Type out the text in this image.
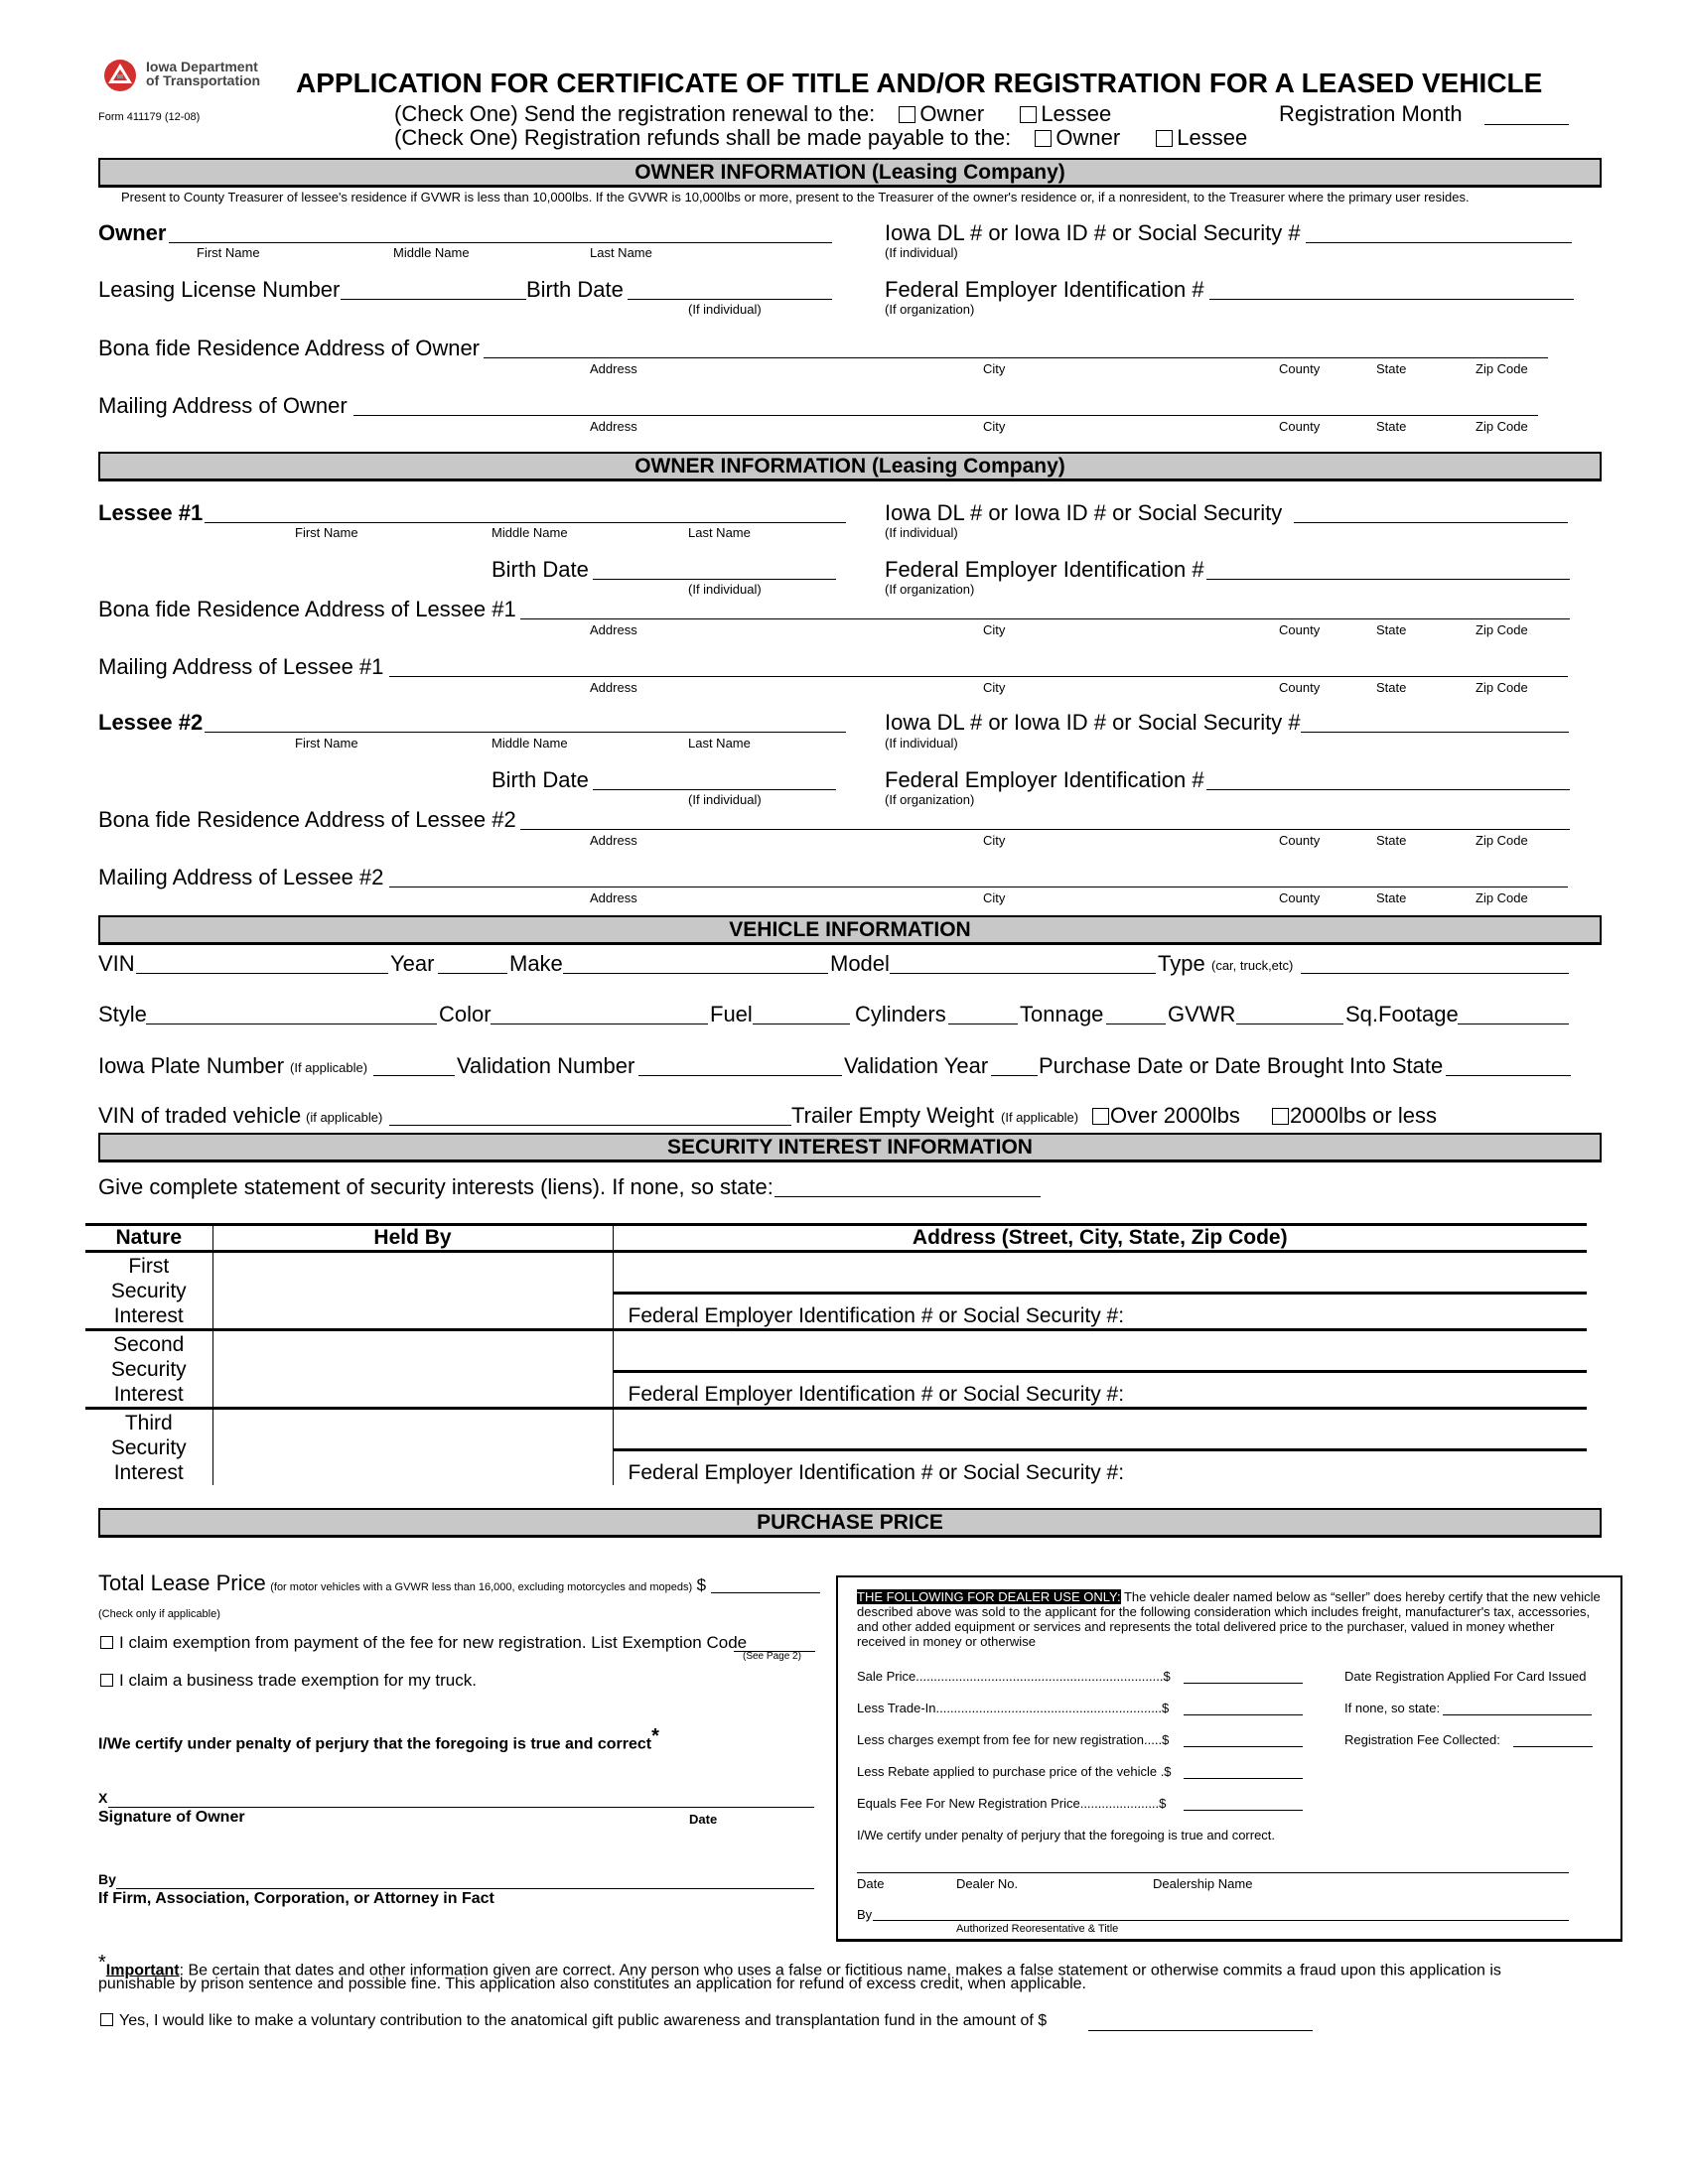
Iowa Department
of Transportation
Form 411179 (12-08)
APPLICATION FOR CERTIFICATE OF TITLE AND/OR REGISTRATION FOR A LEASED VEHICLE
(Check One) Send the registration renewal to the: Owner	Lessee	Registration Month
(Check One) Registration refunds shall be made payable to the: Owner	Lessee
OWNER INFORMATION (Leasing Company)
Present to County Treasurer of lessee's residence if GVWR is less than 10,000lbs. If the GVWR is 10,000lbs or more, present to the Treasurer of the owner's residence or, if a nonresident, to the Treasurer where the primary user resides.
Owner
First Name	Middle Name	Last Name
Iowa DL # or Iowa ID # or Social Security #
(If individual)
Leasing License Number	Birth Date
(If individual)
Federal Employer Identification #
(If organization)
Bona fide Residence Address of Owner
Address	City	County	State	Zip Code
Mailing Address of Owner
Address	City	County	State	Zip Code
OWNER INFORMATION (Leasing Company)
Lessee #1
First Name	Middle Name	Last Name
Iowa DL # or Iowa ID # or Social Security
(If individual)
Birth Date
(If individual)
Federal Employer Identification #
(If organization)
Bona fide Residence Address of Lessee #1
Address	City	County	State	Zip Code
Mailing Address of Lessee #1
Address	City	County	State	Zip Code
Lessee #2
First Name	Middle Name	Last Name
Iowa DL # or Iowa ID # or Social Security #
(If individual)
Birth Date
(If individual)
Federal Employer Identification #
(If organization)
Bona fide Residence Address of Lessee #2
Address	City	County	State	Zip Code
Mailing Address of Lessee #2
Address	City	County	State	Zip Code
VEHICLE INFORMATION
VIN	Year	Make	Model	Type (car, truck,etc)
Style	Color	Fuel	Cylinders	Tonnage	GVWR	Sq.Footage
Iowa Plate Number (If applicable)	Validation Number	Validation Year Purchase Date or Date Brought Into State
VIN of traded vehicle (if applicable)	Trailer Empty Weight (If applicable)	Over 2000lbs	2000lbs or less
SECURITY INTEREST INFORMATION
Give complete statement of security interests (liens). If none, so state:
Nature	Held By	Address (Street, City, State, Zip Code)

First
Security
Interest		Federal Employer Identification # or Social Security #:

Second
Security
Interest		Federal Employer Identification # or Social Security #:

Third
Security
Interest		Federal Employer Identification # or Social Security #:
PURCHASE PRICE
Total Lease Price (for motor vehicles with a GVWR less than 16,000, excluding motorcycles and mopeds) $
(Check only if applicable)
I claim exemption from payment of the fee for new registration. List Exemption Code
(See Page 2)
I claim a business trade exemption for my truck.
I/We certify under penalty of perjury that the foregoing is true and correct*
X
Signature of Owner	Date
By
If Firm, Association, Corporation, or Attorney in Fact
THE FOLLOWING FOR DEALER USE ONLY: The vehicle dealer named below as “seller” does hereby certify that the new vehicle described above was sold to the applicant for the following consideration which includes freight, manufacturer's tax, accessories, and other added equipment or services and represents the total delivered price to the purchaser, valued in money whether received in money or otherwise
Sale Price.....................................................................$
Less Trade-In...............................................................$
Less charges exempt from fee for new registration.....$
Less Rebate applied to purchase price of the vehicle .$
Equals Fee For New Registration Price......................$
Date Registration Applied For Card Issued
If none, so state:
Registration Fee Collected:
I/We certify under penalty of perjury that the foregoing is true and correct.
Date	Dealer No.	Dealership Name
By
Authorized Reoresentative & Title
*Important: Be certain that dates and other information given are correct. Any person who uses a false or fictitious name, makes a false statement or otherwise commits a fraud upon this application is
punishable by prison sentence and possible fine. This application also constitutes an application for refund of excess credit, when applicable.
Yes, I would like to make a voluntary contribution to the anatomical gift public awareness and transplantation fund in the amount of $
